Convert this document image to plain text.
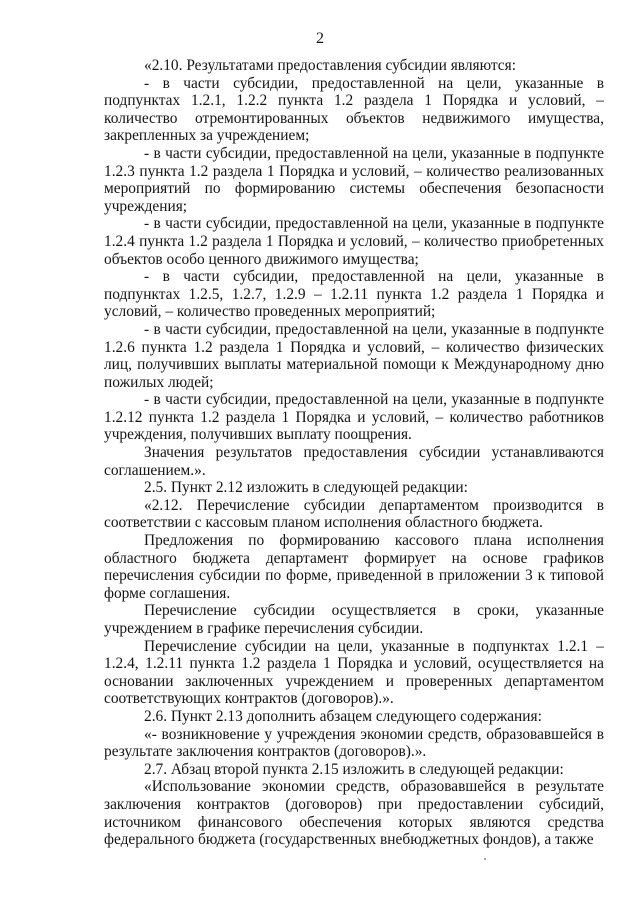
2

«2.10. Результатами предоставления субсидии являются:

- в части субсидии, предоставленной на цели, указанные в подпунктах 1.2.1, 1.2.2 пункта 1.2 раздела 1 Порядка и условий, – количество отремонтированных объектов недвижимого имущества, закрепленных за учреждением;

- в части субсидии, предоставленной на цели, указанные в подпункте 1.2.3 пункта 1.2 раздела 1 Порядка и условий, – количество реализованных мероприятий по формированию системы обеспечения безопасности учреждения;

- в части субсидии, предоставленной на цели, указанные в подпункте 1.2.4 пункта 1.2 раздела 1 Порядка и условий, – количество приобретенных объектов особо ценного движимого имущества;

- в части субсидии, предоставленной на цели, указанные в подпунктах 1.2.5, 1.2.7, 1.2.9 – 1.2.11 пункта 1.2 раздела 1 Порядка и условий, – количество проведенных мероприятий;

- в части субсидии, предоставленной на цели, указанные в подпункте 1.2.6 пункта 1.2 раздела 1 Порядка и условий, – количество физических лиц, получивших выплаты материальной помощи к Международному дню пожилых людей;

- в части субсидии, предоставленной на цели, указанные в подпункте 1.2.12 пункта 1.2 раздела 1 Порядка и условий, – количество работников учреждения, получивших выплату поощрения.

Значения результатов предоставления субсидии устанавливаются соглашением.».

2.5. Пункт 2.12 изложить в следующей редакции:

«2.12. Перечисление субсидии департаментом производится в соответствии с кассовым планом исполнения областного бюджета.

Предложения по формированию кассового плана исполнения областного бюджета департамент формирует на основе графиков перечисления субсидии по форме, приведенной в приложении 3 к типовой форме соглашения.

Перечисление субсидии осуществляется в сроки, указанные учреждением в графике перечисления субсидии.

Перечисление субсидии на цели, указанные в подпунктах 1.2.1 – 1.2.4, 1.2.11 пункта 1.2 раздела 1 Порядка и условий, осуществляется на основании заключенных учреждением и проверенных департаментом соответствующих контрактов (договоров).».

2.6. Пункт 2.13 дополнить абзацем следующего содержания:

«- возникновение у учреждения экономии средств, образовавшейся в результате заключения контрактов (договоров).».

2.7. Абзац второй пункта 2.15 изложить в следующей редакции:

«Использование экономии средств, образовавшейся в результате заключения контрактов (договоров) при предоставлении субсидий, источником финансового обеспечения которых являются средства федерального бюджета (государственных внебюджетных фондов), а также
